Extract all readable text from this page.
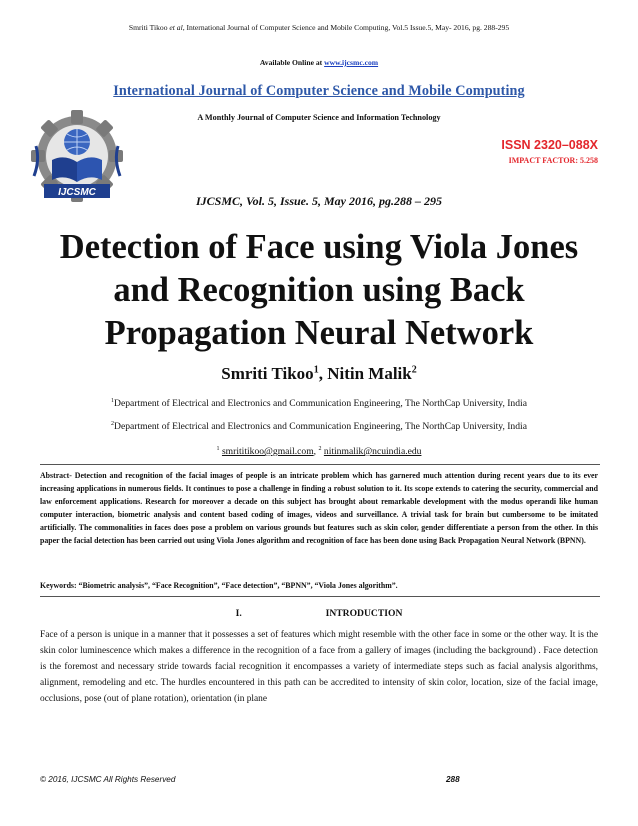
Smriti Tikoo et al, International Journal of Computer Science and Mobile Computing, Vol.5 Issue.5, May- 2016, pg. 288-295
Available Online at www.ijcsmc.com
International Journal of Computer Science and Mobile Computing
A Monthly Journal of Computer Science and Information Technology
IJCSMC
ISSN 2320–088X
IMPACT FACTOR: 5.258
IJCSMC, Vol. 5, Issue. 5, May 2016, pg.288 – 295
Detection of Face using Viola Jones
and Recognition using Back
Propagation Neural Network
Smriti Tikoo$^1$, Nitin Malik$^2$
$^1$Department of Electrical and Electronics and Communication Engineering, The NorthCap University, India
$^2$Department of Electrical and Electronics and Communication Engineering, The NorthCap University, India
$^1$ smrititikoo@gmail.com, $^2$ nitinmalik@ncuindia.edu
Abstract- Detection and recognition of the facial images of people is an intricate problem which has garnered much attention during recent years due to its ever increasing applications in numerous fields. It continues to pose a challenge in finding a robust solution to it. Its scope extends to catering the security, commercial and law enforcement applications. Research for moreover a decade on this subject has brought about remarkable development with the modus operandi like human computer interaction, biometric analysis and content based coding of images, videos and surveillance. A trivial task for brain but cumbersome to be imitated artificially. The commonalities in faces does pose a problem on various grounds but features such as skin color, gender differentiate a person from the other. In this paper the facial detection has been carried out using Viola Jones algorithm and recognition of face has been done using Back Propagation Neural Network (BPNN).
Keywords: “Biometric analysis”, “Face Recognition”, “Face detection”, “BPNN”, “Viola Jones algorithm”.
I.	INTRODUCTION
Face of a person is unique in a manner that it possesses a set of features which might resemble with the other face in some or the other way. It is the skin color luminescence which makes a difference in the recognition of a face from a gallery of images (including the background) . Face detection is the foremost and necessary stride towards facial recognition it encompasses a variety of intermediate steps such as facial analysis algorithms, alignment, remodeling and etc. The hurdles encountered in this path can be accredited to intensity of skin color, location, size of the facial image, occlusions, pose (out of plane rotation), orientation (in plane
© 2016, IJCSMC All Rights Reserved	288
